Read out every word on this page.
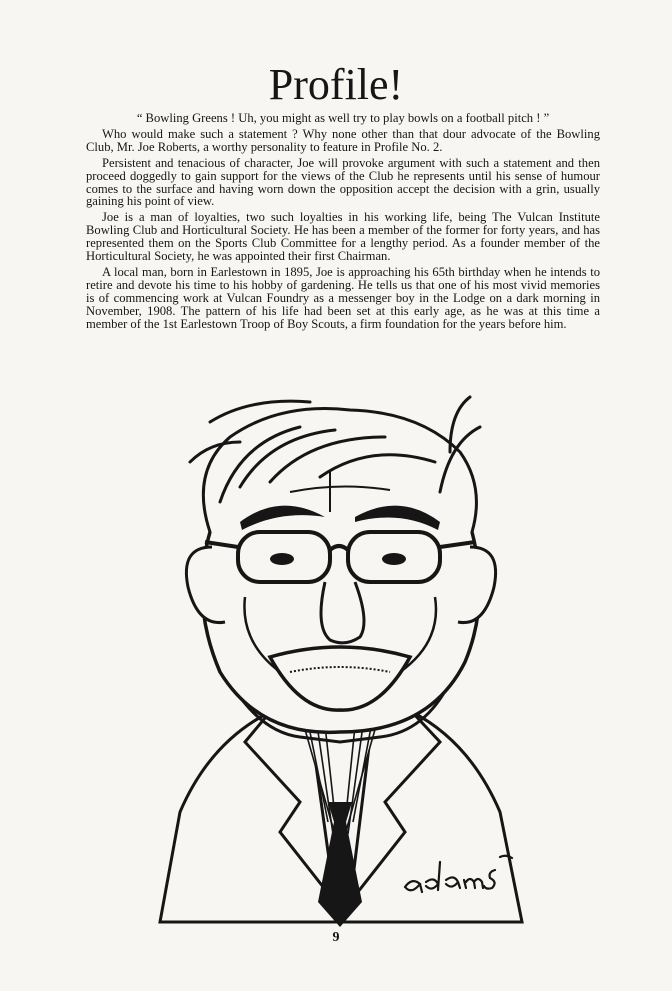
Profile!

“ Bowling Greens ! Uh, you might as well try to play bowls on a football pitch ! ”

Who would make such a statement ? Why none other than that dour advocate of the Bowling Club, Mr. Joe Roberts, a worthy personality to feature in Profile No. 2.

Persistent and tenacious of character, Joe will provoke argument with such a statement and then proceed doggedly to gain support for the views of the Club he represents until his sense of humour comes to the surface and having worn down the opposition accept the decision with a grin, usually gaining his point of view.

Joe is a man of loyalties, two such loyalties in his working life, being The Vulcan Institute Bowling Club and Horticultural Society. He has been a member of the former for forty years, and has represented them on the Sports Club Committee for a lengthy period. As a founder member of the Horticultural Society, he was appointed their first Chairman.

A local man, born in Earlestown in 1895, Joe is approaching his 65th birthday when he intends to retire and devote his time to his hobby of gardening. He tells us that one of his most vivid memories is of commencing work at Vulcan Foundry as a messenger boy in the Lodge on a dark morning in November, 1908. The pattern of his life had been set at this early age, as he was at this time a member of the 1st Earlestown Troop of Boy Scouts, a firm foundation for the years before him.

9
